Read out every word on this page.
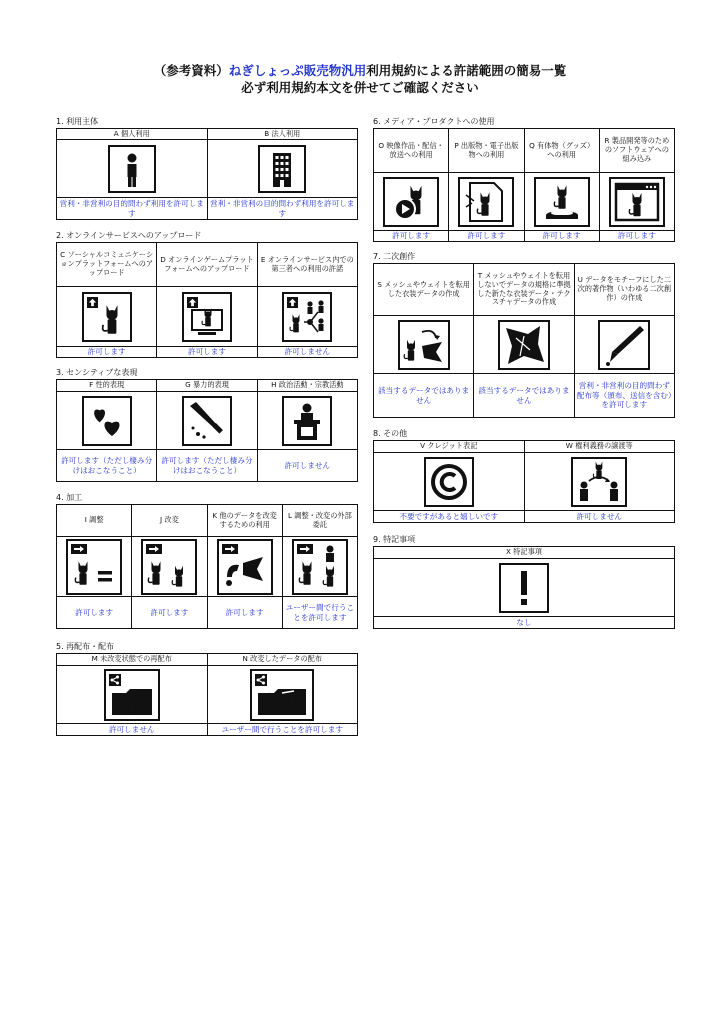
（参考資料）ねぎしょっぷ販売物汎用利用規約による許諾範囲の簡易一覧
必ず利用規約本文を併せてご確認ください
1. 利用主体
A 個人利用	B 法人利用

営利・非営利の目的問わず利用を許可します	営利・非営利の目的問わず利用を許可します
2. オンラインサービスへのアップロード
C ソーシャルコミュニケーションプラットフォームへのアップロード	D オンラインゲームプラットフォームへのアップロード	E オンラインサービス内での第三者への利用の許諾

許可します	許可します	許可しません
3. センシティブな表現
F 性的表現	G 暴力的表現	H 政治活動・宗教活動

許可します（ただし棲み分けはおこなうこと）	許可します（ただし棲み分けはおこなうこと）	許可しません
4. 加工
I 調整	J 改変	K 他のデータを改変するための利用	L 調整・改変の外部委託

許可します	許可します	許可します	ユーザー間で行うことを許可します
5. 再配布・配布
M 未改変状態での再配布	N 改変したデータの配布

許可しません	ユーザー間で行うことを許可します
6. メディア・プロダクトへの使用
O 映像作品・配信・放送への利用	P 出版物・電子出版物への利用	Q 有体物（グッズ）への利用	R 製品開発等のためのソフトウェアへの組み込み

許可します	許可します	許可します	許可します
7. 二次創作
S メッシュやウェイトを転用した衣装データの作成	T メッシュやウェイトを転用しないでデータの規格に準拠した新たな衣装データ・テクスチャデータの作成	U データをモチーフにした二次的著作物（いわゆる二次創作）の作成

該当するデータではありません	該当するデータではありません	営利・非営利の目的問わず配布等（頒布、送信を含む）を許可します
8. その他
V クレジット表記	W 権利義務の譲渡等

不要ですがあると嬉しいです	許可しません
9. 特記事項
X 特記事項

なし
